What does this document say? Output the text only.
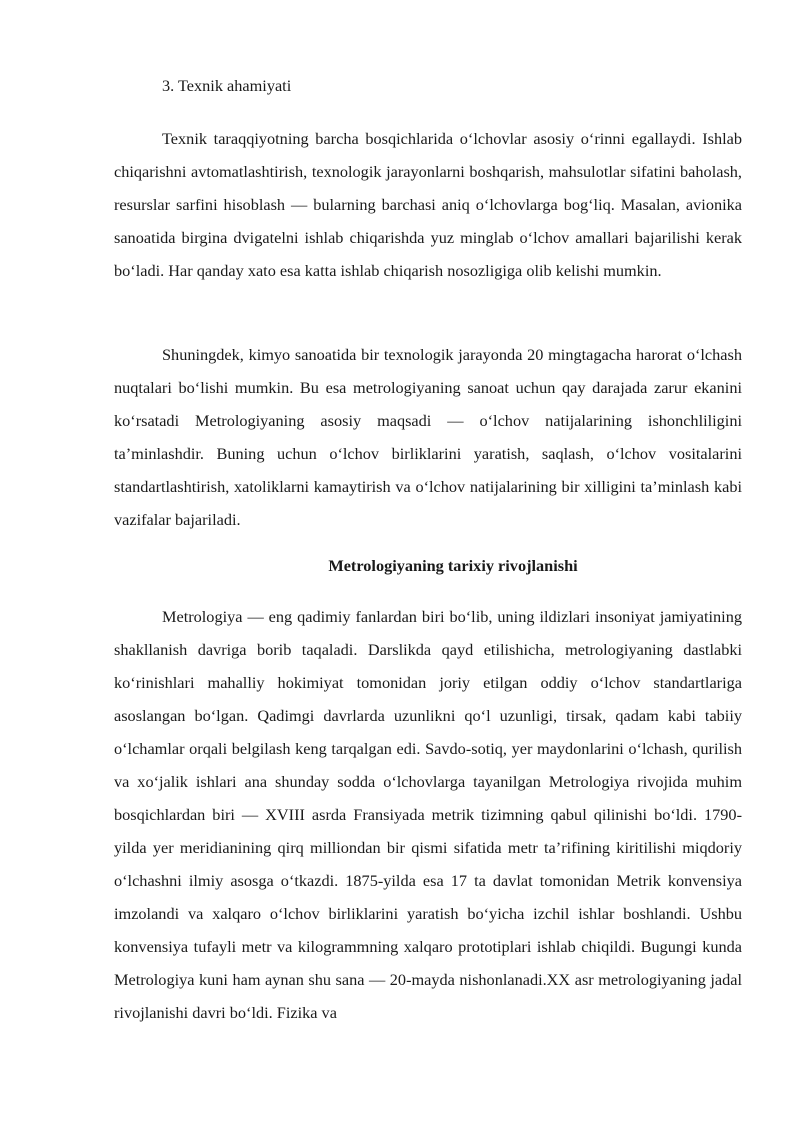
3. Texnik ahamiyati

Texnik taraqqiyotning barcha bosqichlarida o‘lchovlar asosiy o‘rinni egallaydi. Ishlab chiqarishni avtomatlashtirish, texnologik jarayonlarni boshqarish, mahsulotlar sifatini baholash, resurslar sarfini hisoblash — bularning barchasi aniq o‘lchovlarga bog‘liq. Masalan, avionika sanoatida birgina dvigatelni ishlab chiqarishda yuz minglab o‘lchov amallari bajarilishi kerak bo‘ladi. Har qanday xato esa katta ishlab chiqarish nosozligiga olib kelishi mumkin.

Shuningdek, kimyo sanoatida bir texnologik jarayonda 20 mingtagacha harorat o‘lchash nuqtalari bo‘lishi mumkin. Bu esa metrologiyaning sanoat uchun qay darajada zarur ekanini ko‘rsatadi Metrologiyaning asosiy maqsadi — o‘lchov natijalarining ishonchliligini ta’minlashdir. Buning uchun o‘lchov birliklarini yaratish, saqlash, o‘lchov vositalarini standartlashtirish, xatoliklarni kamaytirish va o‘lchov natijalarining bir xilligini ta’minlash kabi vazifalar bajariladi.

Metrologiyaning tarixiy rivojlanishi

Metrologiya — eng qadimiy fanlardan biri bo‘lib, uning ildizlari insoniyat jamiyatining shakllanish davriga borib taqaladi. Darslikda qayd etilishicha, metrologiyaning dastlabki ko‘rinishlari mahalliy hokimiyat tomonidan joriy etilgan oddiy o‘lchov standartlariga asoslangan bo‘lgan. Qadimgi davrlarda uzunlikni qo‘l uzunligi, tirsak, qadam kabi tabiiy o‘lchamlar orqali belgilash keng tarqalgan edi. Savdo-sotiq, yer maydonlarini o‘lchash, qurilish va xo‘jalik ishlari ana shunday sodda o‘lchovlarga tayanilgan Metrologiya rivojida muhim bosqichlardan biri — XVIII asrda Fransiyada metrik tizimning qabul qilinishi bo‘ldi. 1790-yilda yer meridianining qirq milliondan bir qismi sifatida metr ta’rifining kiritilishi miqdoriy o‘lchashni ilmiy asosga o‘tkazdi. 1875-yilda esa 17 ta davlat tomonidan Metrik konvensiya imzolandi va xalqaro o‘lchov birliklarini yaratish bo‘yicha izchil ishlar boshlandi. Ushbu konvensiya tufayli metr va kilogrammning xalqaro prototiplari ishlab chiqildi. Bugungi kunda Metrologiya kuni ham aynan shu sana — 20-mayda nishonlanadi.XX asr metrologiyaning jadal rivojlanishi davri bo‘ldi. Fizika va
